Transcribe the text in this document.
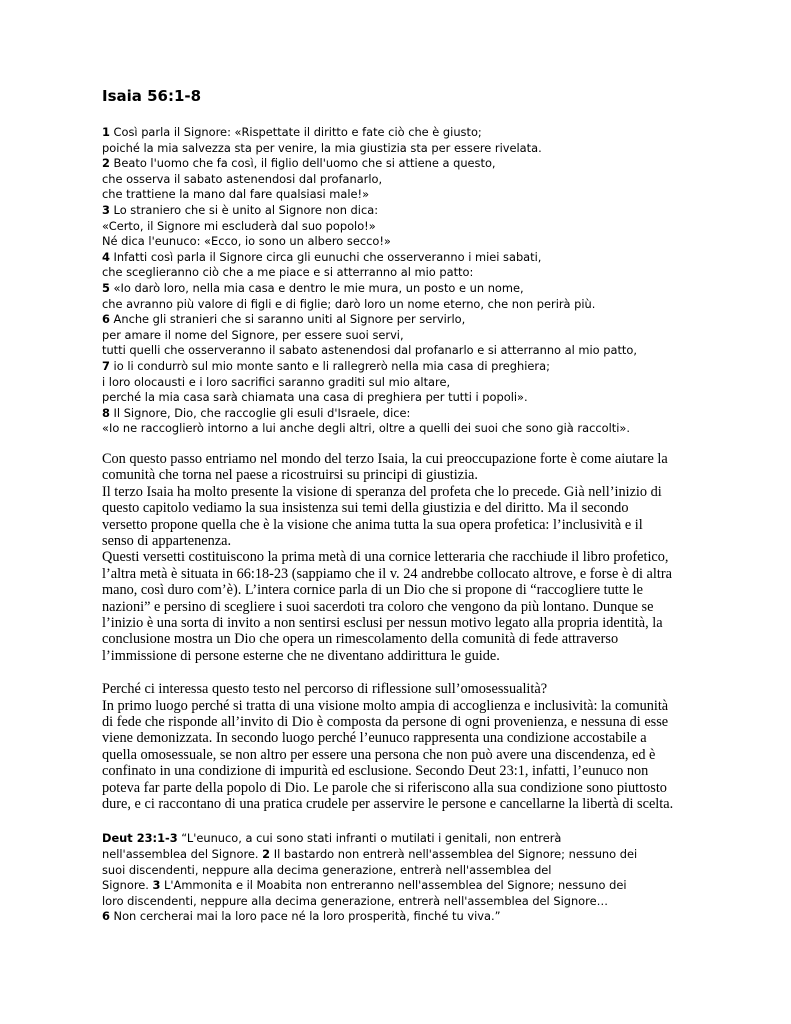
Isaia 56:1-8
1 Così parla il Signore: «Rispettate il diritto e fate ciò che è giusto;
poiché la mia salvezza sta per venire, la mia giustizia sta per essere rivelata.
2 Beato l'uomo che fa così, il figlio dell'uomo che si attiene a questo,
che osserva il sabato astenendosi dal profanarlo,
che trattiene la mano dal fare qualsiasi male!»
3 Lo straniero che si è unito al Signore non dica:
«Certo, il Signore mi escluderà dal suo popolo!»
Né dica l'eunuco: «Ecco, io sono un albero secco!»
4 Infatti così parla il Signore circa gli eunuchi che osserveranno i miei sabati,
che sceglieranno ciò che a me piace e si atterranno al mio patto:
5 «Io darò loro, nella mia casa e dentro le mie mura, un posto e un nome,
che avranno più valore di figli e di figlie; darò loro un nome eterno, che non perirà più.
6 Anche gli stranieri che si saranno uniti al Signore per servirlo,
per amare il nome del Signore, per essere suoi servi,
tutti quelli che osserveranno il sabato astenendosi dal profanarlo e si atterranno al mio patto,
7 io li condurrò sul mio monte santo e li rallegrerò nella mia casa di preghiera;
i loro olocausti e i loro sacrifici saranno graditi sul mio altare,
perché la mia casa sarà chiamata una casa di preghiera per tutti i popoli».
8 Il Signore, Dio, che raccoglie gli esuli d'Israele, dice:
«Io ne raccoglierò intorno a lui anche degli altri, oltre a quelli dei suoi che sono già raccolti».
Con questo passo entriamo nel mondo del terzo Isaia, la cui preoccupazione forte è come aiutare la
comunità che torna nel paese a ricostruirsi su principi di giustizia.
Il terzo Isaia ha molto presente la visione di speranza del profeta che lo precede. Già nell’inizio di
questo capitolo vediamo la sua insistenza sui temi della giustizia e del diritto. Ma il secondo
versetto propone quella che è la visione che anima tutta la sua opera profetica: l’inclusività e il
senso di appartenenza.
Questi versetti costituiscono la prima metà di una cornice letteraria che racchiude il libro profetico,
l’altra metà è situata in 66:18-23 (sappiamo che il v. 24 andrebbe collocato altrove, e forse è di altra
mano, così duro com’è). L’intera cornice parla di un Dio che si propone di “raccogliere tutte le
nazioni” e persino di scegliere i suoi sacerdoti tra coloro che vengono da più lontano. Dunque se
l’inizio è una sorta di invito a non sentirsi esclusi per nessun motivo legato alla propria identità, la
conclusione mostra un Dio che opera un rimescolamento della comunità di fede attraverso
l’immissione di persone esterne che ne diventano addirittura le guide.
Perché ci interessa questo testo nel percorso di riflessione sull’omosessualità?
In primo luogo perché si tratta di una visione molto ampia di accoglienza e inclusività: la comunità
di fede che risponde all’invito di Dio è composta da persone di ogni provenienza, e nessuna di esse
viene demonizzata. In secondo luogo perché l’eunuco rappresenta una condizione accostabile a
quella omosessuale, se non altro per essere una persona che non può avere una discendenza, ed è
confinato in una condizione di impurità ed esclusione. Secondo Deut 23:1, infatti, l’eunuco non
poteva far parte della popolo di Dio. Le parole che si riferiscono alla sua condizione sono piuttosto
dure, e ci raccontano di una pratica crudele per asservire le persone e cancellarne la libertà di scelta.
Deut 23:1-3 “L'eunuco, a cui sono stati infranti o mutilati i genitali, non entrerà
nell'assemblea del Signore. 2 Il bastardo non entrerà nell'assemblea del Signore; nessuno dei
suoi discendenti, neppure alla decima generazione, entrerà nell'assemblea del
Signore. 3 L'Ammonita e il Moabita non entreranno nell'assemblea del Signore; nessuno dei
loro discendenti, neppure alla decima generazione, entrerà nell'assemblea del Signore…
6 Non cercherai mai la loro pace né la loro prosperità, finché tu viva.”
